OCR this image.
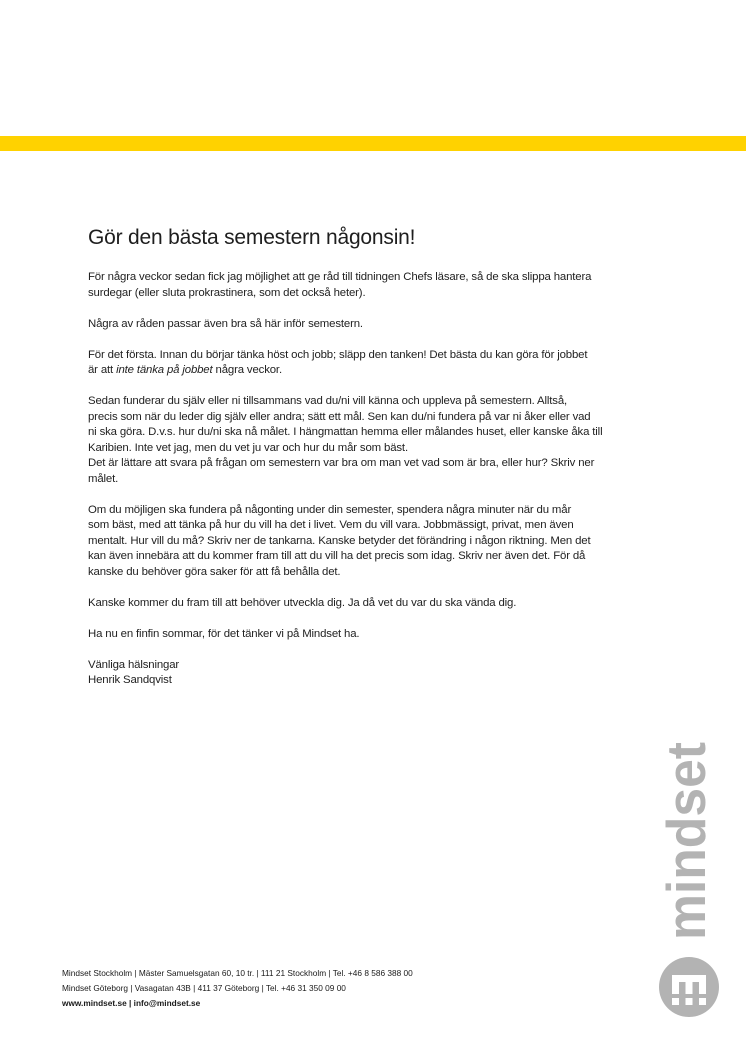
Gör den bästa semestern någonsin!

För några veckor sedan fick jag möjlighet att ge råd till tidningen Chefs läsare, så de ska slippa hantera
surdegar (eller sluta prokrastinera, som det också heter).

Några av råden passar även bra så här inför semestern.

För det första. Innan du börjar tänka höst och jobb; släpp den tanken! Det bästa du kan göra för jobbet
är att inte tänka på jobbet några veckor.

Sedan funderar du själv eller ni tillsammans vad du/ni vill känna och uppleva på semestern. Alltså,
precis som när du leder dig själv eller andra; sätt ett mål. Sen kan du/ni fundera på var ni åker eller vad
ni ska göra. D.v.s. hur du/ni ska nå målet. I hängmattan hemma eller målandes huset, eller kanske åka till
Karibien. Inte vet jag, men du vet ju var och hur du mår som bäst.
Det är lättare att svara på frågan om semestern var bra om man vet vad som är bra, eller hur? Skriv ner
målet.

Om du möjligen ska fundera på någonting under din semester, spendera några minuter när du mår
som bäst, med att tänka på hur du vill ha det i livet. Vem du vill vara. Jobbmässigt, privat, men även
mentalt. Hur vill du må? Skriv ner de tankarna. Kanske betyder det förändring i någon riktning. Men det
kan även innebära att du kommer fram till att du vill ha det precis som idag. Skriv ner även det. För då
kanske du behöver göra saker för att få behålla det.

Kanske kommer du fram till att behöver utveckla dig. Ja då vet du var du ska vända dig.

Ha nu en finfin sommar, för det tänker vi på Mindset ha.

Vänliga hälsningar
Henrik Sandqvist
mindset
Mindset Stockholm | Mäster Samuelsgatan 60, 10 tr. | 111 21 Stockholm | Tel. +46 8 586 388 00
Mindset Göteborg | Vasagatan 43B | 411 37 Göteborg | Tel. +46 31 350 09 00
www.mindset.se | info@mindset.se
